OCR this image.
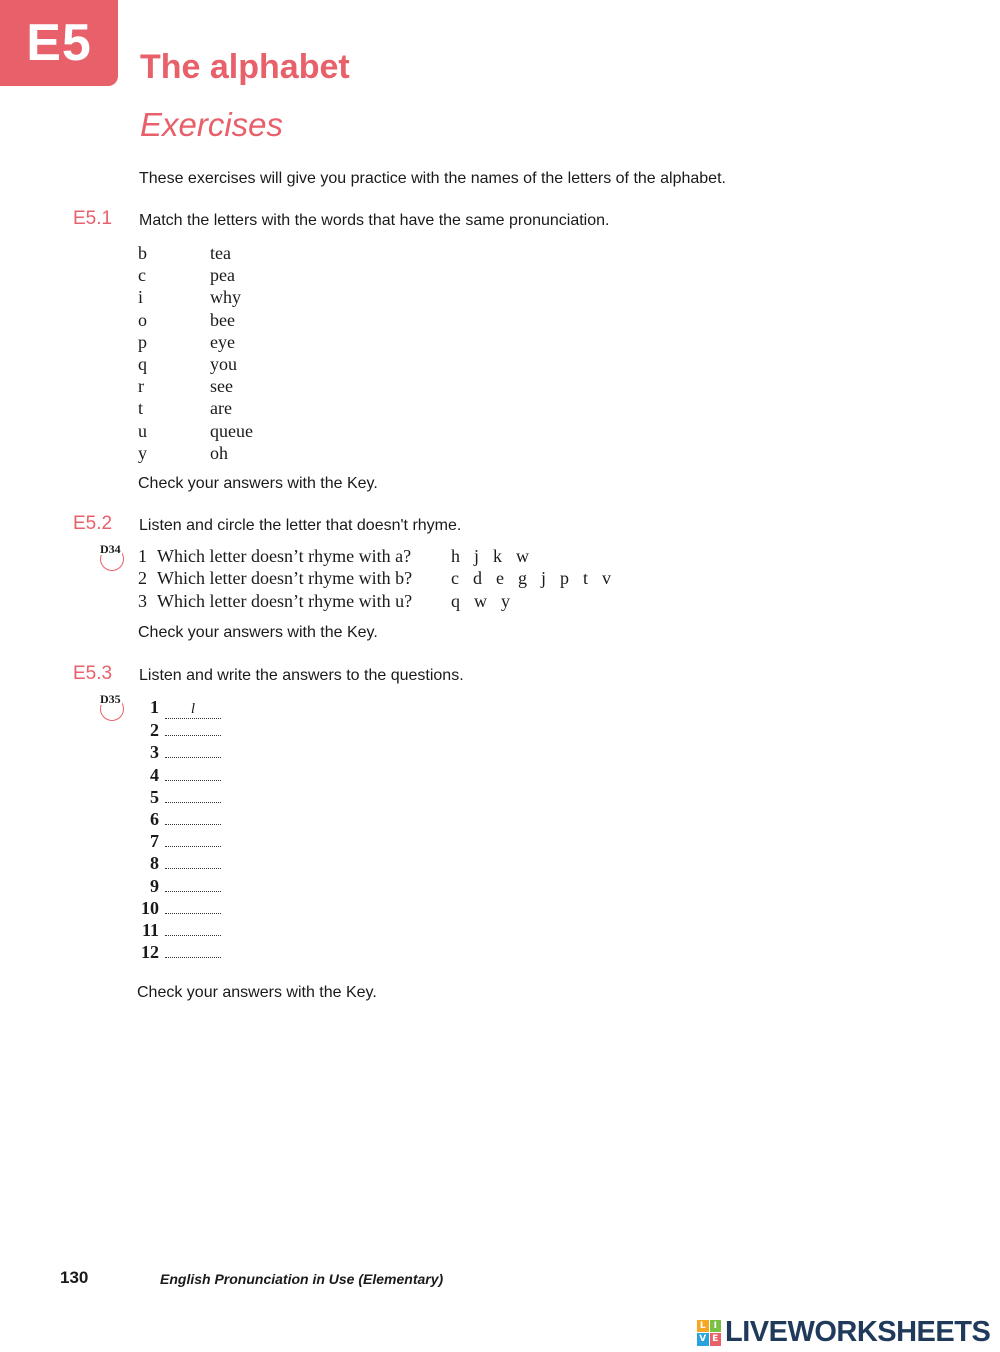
E5	The alphabet
Exercises
These exercises will give you practice with the names of the letters of the alphabet.
E5.1 Match the letters with the words that have the same pronunciation.
b	tea
c	pea
i	why
o	bee
p	eye
q	you
r	see
t	are
u	queue
y	oh
Check your answers with the Key.
E5.2 Listen and circle the letter that doesn't rhyme.
D34 1 Which letter doesn’t rhyme with a? h j k w
2 Which letter doesn’t rhyme with b? c d e g j p t v
3 Which letter doesn’t rhyme with u? q w y
Check your answers with the Key.
E5.3 Listen and write the answers to the questions.
D35	1	l
2
3
4
5
6
7
8
9
10
11
12
Check your answers with the Key.
130	English Pronunciation in Use (Elementary)
L I
V E LIVEWORKSHEETS
